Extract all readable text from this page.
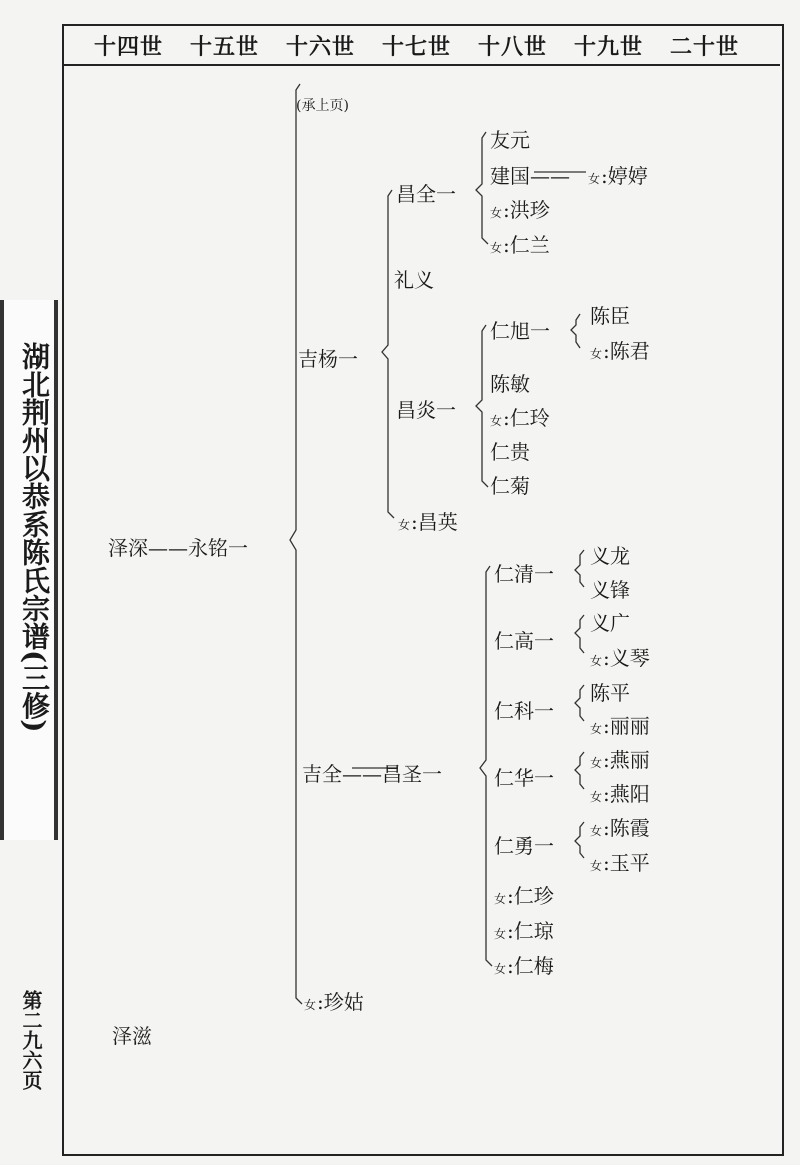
十四世 十五世 十六世 十七世 十八世 十九世 二十世
湖北荆州以恭系陈氏宗谱(三修)
第二九六页
(承上页)
泽深——永铭一
吉杨一
吉全——昌圣一
女:珍姑
泽滋
昌全一
礼义
昌炎一
女:昌英
友元
建国—— 女:婷婷
女:洪珍
女:仁兰
仁旭一
陈臣
女:陈君
陈敏
女:仁玲
仁贵
仁菊
仁清一
义龙
义锋
仁高一
义广
女:义琴
仁科一
陈平
女:丽丽
仁华一
女:燕丽
女:燕阳
仁勇一
女:陈霞
女:玉平
女:仁珍
女:仁琼
女:仁梅
